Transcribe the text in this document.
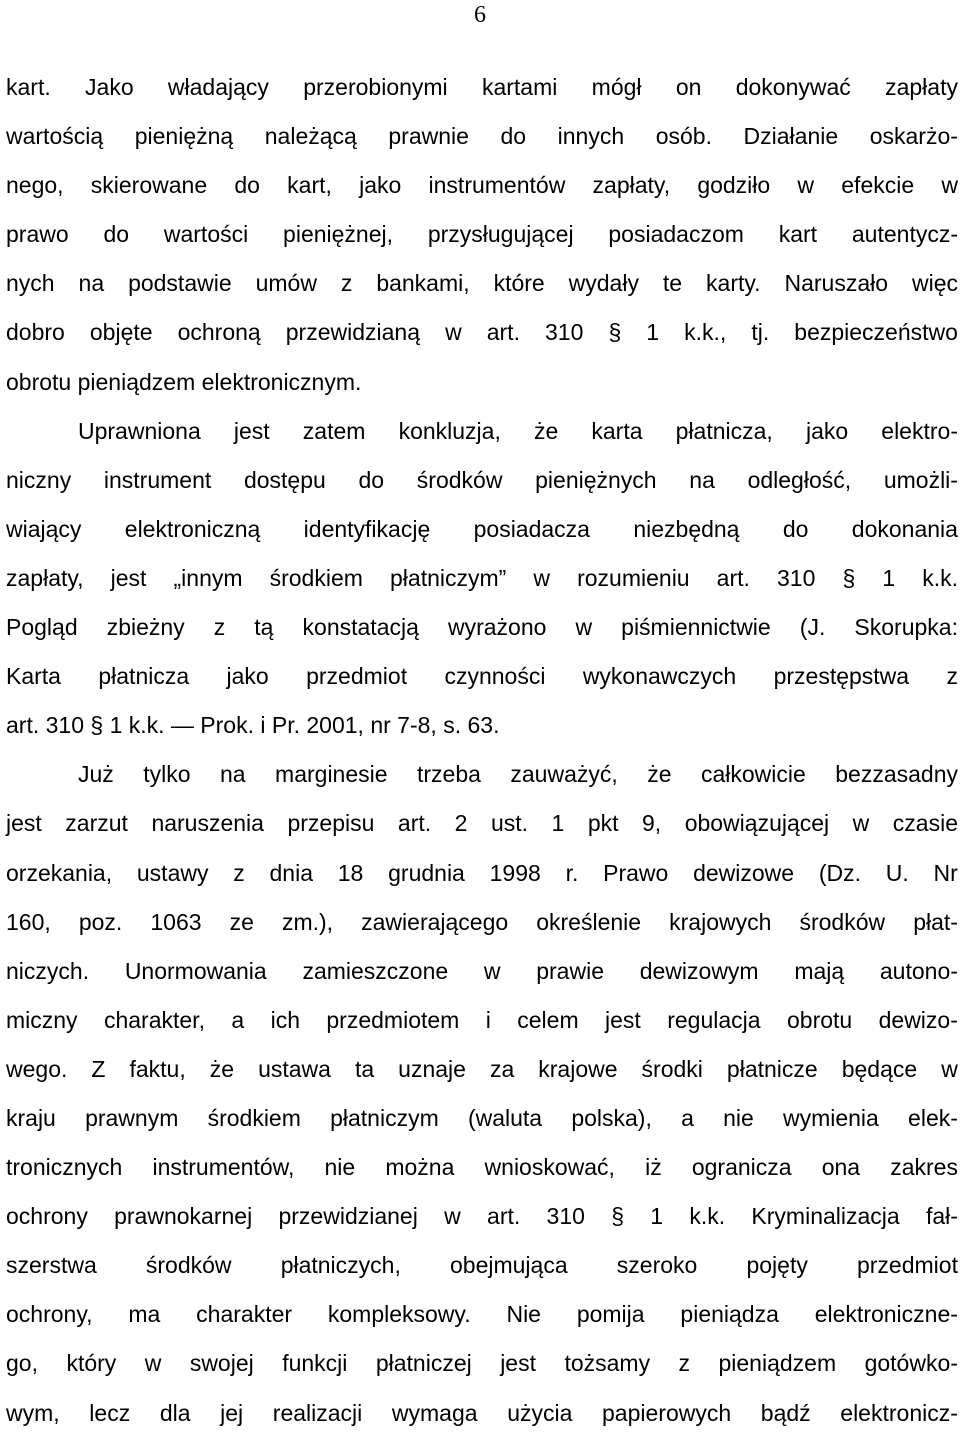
6
kart. Jako władający przerobionymi kartami mógł on dokonywać zapłaty
wartością pieniężną należącą prawnie do innych osób. Działanie oskarżo-
nego, skierowane do kart, jako instrumentów zapłaty, godziło w efekcie w
prawo do wartości pieniężnej, przysługującej posiadaczom kart autentycz-
nych na podstawie umów z bankami, które wydały te karty. Naruszało więc
dobro objęte ochroną przewidzianą w art. 310 § 1 k.k., tj. bezpieczeństwo
obrotu pieniądzem elektronicznym.
Uprawniona jest zatem konkluzja, że karta płatnicza, jako elektro-
niczny instrument dostępu do środków pieniężnych na odległość, umożli-
wiający elektroniczną identyfikację posiadacza niezbędną do dokonania
zapłaty, jest „innym środkiem płatniczym” w rozumieniu art. 310 § 1 k.k.
Pogląd zbieżny z tą konstatacją wyrażono w piśmiennictwie (J. Skorupka:
Karta płatnicza jako przedmiot czynności wykonawczych przestępstwa z
art. 310 § 1 k.k. — Prok. i Pr. 2001, nr 7-8, s. 63.
Już tylko na marginesie trzeba zauważyć, że całkowicie bezzasadny
jest zarzut naruszenia przepisu art. 2 ust. 1 pkt 9, obowiązującej w czasie
orzekania, ustawy z dnia 18 grudnia 1998 r. Prawo dewizowe (Dz. U. Nr
160, poz. 1063 ze zm.), zawierającego określenie krajowych środków płat-
niczych. Unormowania zamieszczone w prawie dewizowym mają autono-
miczny charakter, a ich przedmiotem i celem jest regulacja obrotu dewizo-
wego. Z faktu, że ustawa ta uznaje za krajowe środki płatnicze będące w
kraju prawnym środkiem płatniczym (waluta polska), a nie wymienia elek-
tronicznych instrumentów, nie można wnioskować, iż ogranicza ona zakres
ochrony prawnokarnej przewidzianej w art. 310 § 1 k.k. Kryminalizacja fał-
szerstwa środków płatniczych, obejmująca szeroko pojęty przedmiot
ochrony, ma charakter kompleksowy. Nie pomija pieniądza elektroniczne-
go, który w swojej funkcji płatniczej jest tożsamy z pieniądzem gotówko-
wym, lecz dla jej realizacji wymaga użycia papierowych bądź elektronicz-
